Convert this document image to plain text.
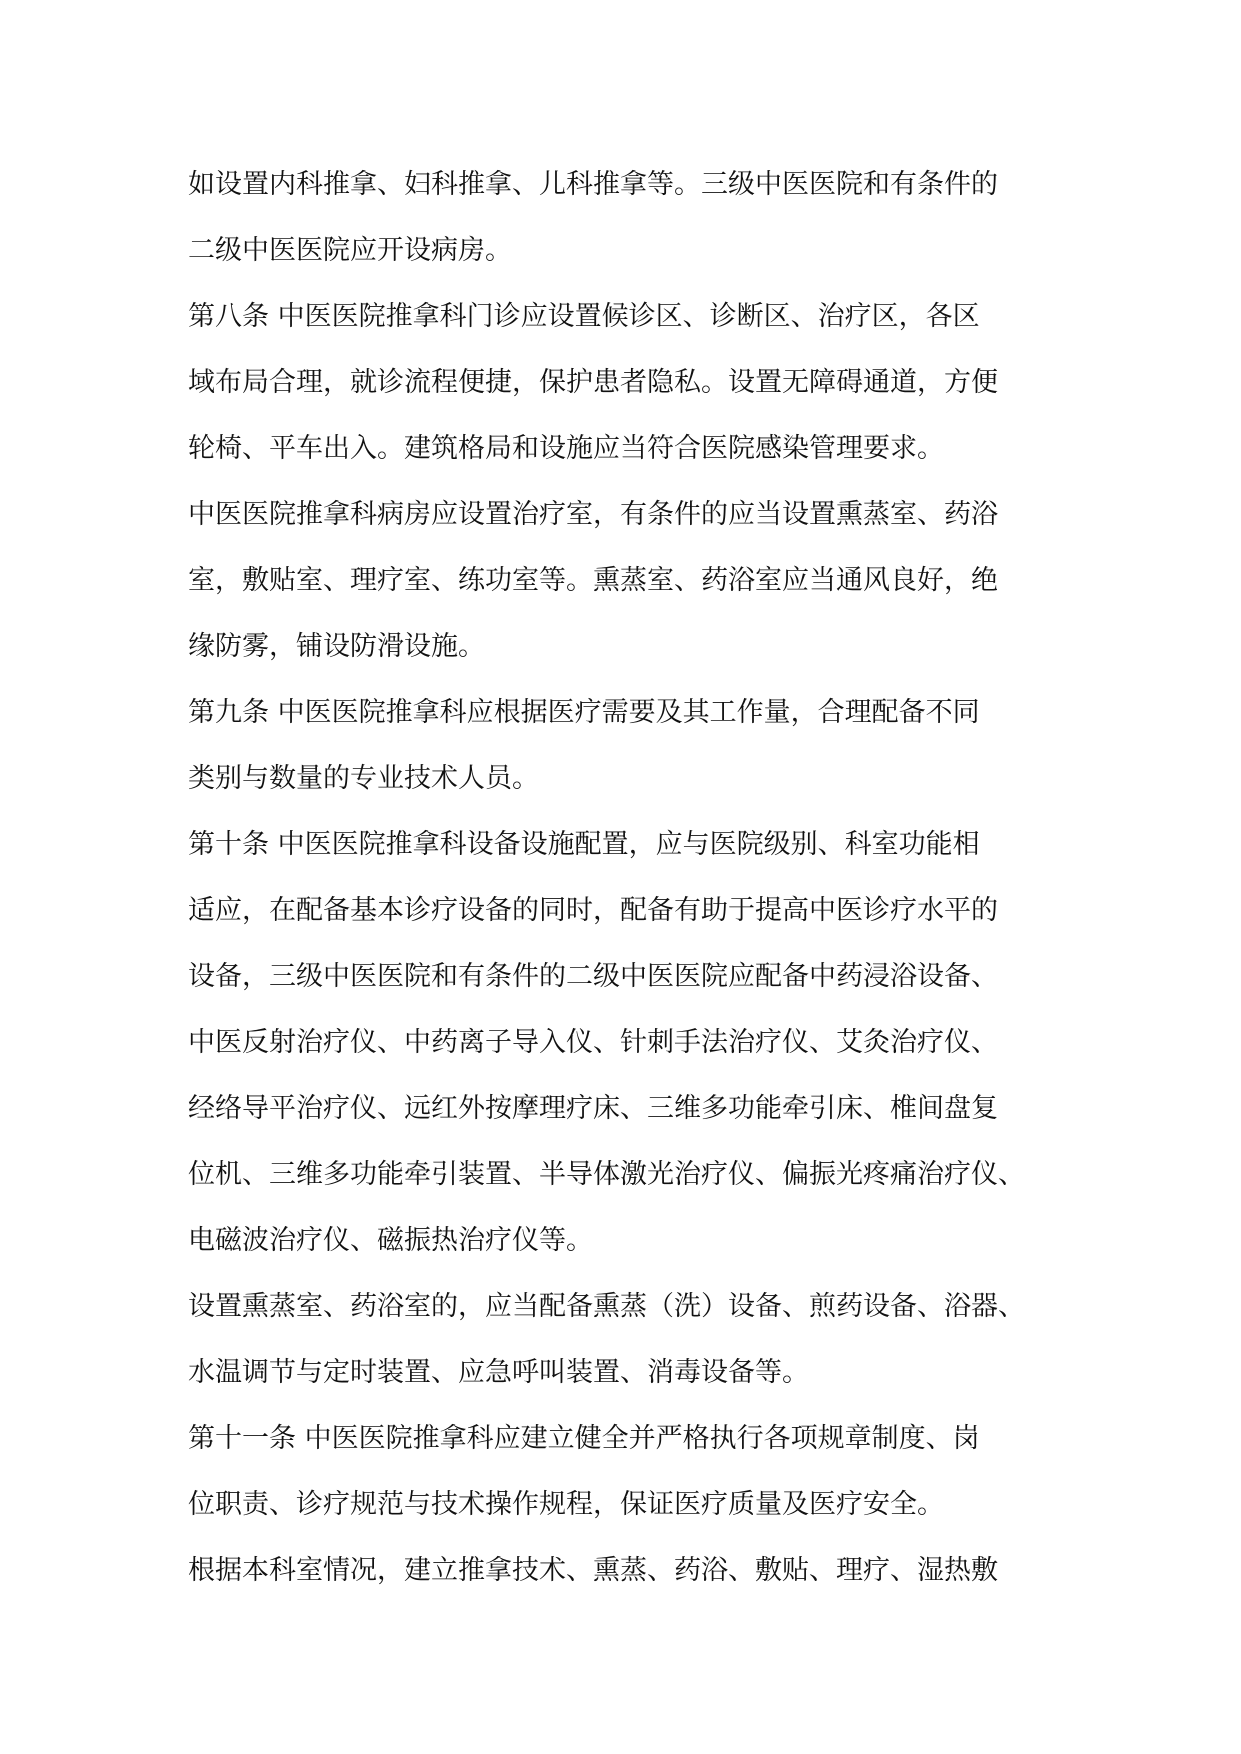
如设置内科推拿、妇科推拿、儿科推拿等。三级中医医院和有条件的
二级中医医院应开设病房。
第八条 中医医院推拿科门诊应设置候诊区、诊断区、治疗区，各区
域布局合理，就诊流程便捷，保护患者隐私。设置无障碍通道，方便
轮椅、平车出入。建筑格局和设施应当符合医院感染管理要求。
中医医院推拿科病房应设置治疗室，有条件的应当设置熏蒸室、药浴
室，敷贴室、理疗室、练功室等。熏蒸室、药浴室应当通风良好，绝
缘防雾，铺设防滑设施。
第九条 中医医院推拿科应根据医疗需要及其工作量，合理配备不同
类别与数量的专业技术人员。
第十条 中医医院推拿科设备设施配置，应与医院级别、科室功能相
适应，在配备基本诊疗设备的同时，配备有助于提高中医诊疗水平的
设备，三级中医医院和有条件的二级中医医院应配备中药浸浴设备、
中医反射治疗仪、中药离子导入仪、针刺手法治疗仪、艾灸治疗仪、
经络导平治疗仪、远红外按摩理疗床、三维多功能牵引床、椎间盘复
位机、三维多功能牵引装置、半导体激光治疗仪、偏振光疼痛治疗仪、
电磁波治疗仪、磁振热治疗仪等。
设置熏蒸室、药浴室的，应当配备熏蒸（洗）设备、煎药设备、浴器、
水温调节与定时装置、应急呼叫装置、消毒设备等。
第十一条 中医医院推拿科应建立健全并严格执行各项规章制度、岗
位职责、诊疗规范与技术操作规程，保证医疗质量及医疗安全。
根据本科室情况，建立推拿技术、熏蒸、药浴、敷贴、理疗、湿热敷
